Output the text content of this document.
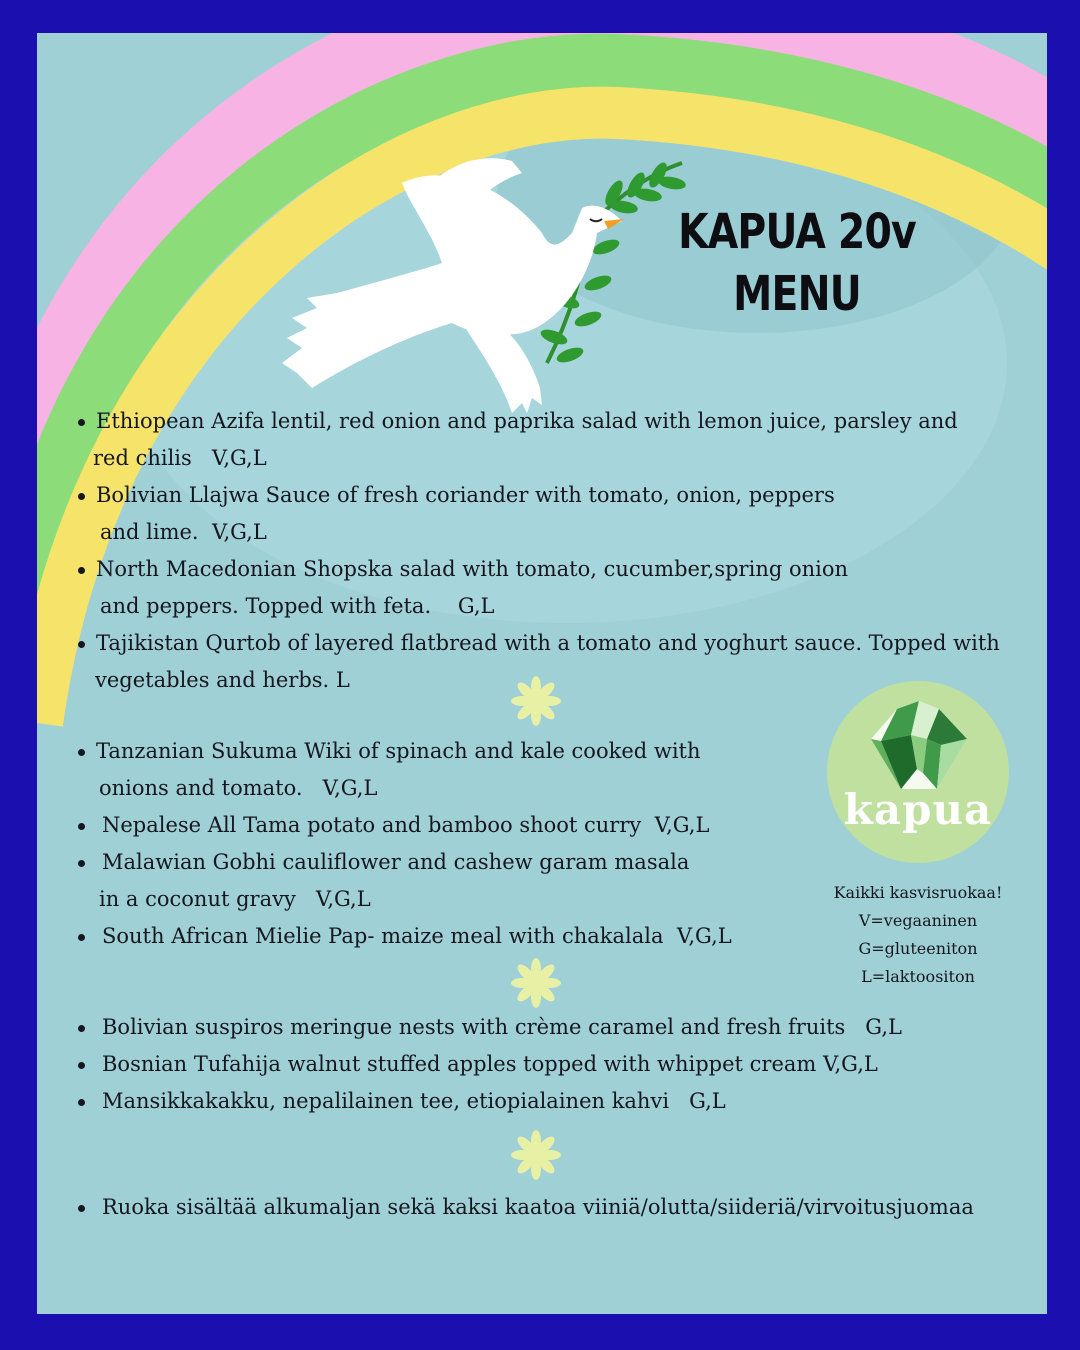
KAPUA 20v
MENU

Ethiopean Azifa lentil, red onion and paprika salad with lemon juice, parsley and

red chilis   V,G,L

Bolivian Llajwa Sauce of fresh coriander with tomato, onion, peppers

and lime.  V,G,L

North Macedonian Shopska salad with tomato, cucumber,spring onion

and peppers. Topped with feta.    G,L

Tajikistan Qurtob of layered flatbread with a tomato and yoghurt sauce. Topped with

vegetables and herbs. L

Tanzanian Sukuma Wiki of spinach and kale cooked with

onions and tomato.   V,G,L

Nepalese All Tama potato and bamboo shoot curry  V,G,L

Malawian Gobhi cauliflower and cashew garam masala

in a coconut gravy   V,G,L

South African Mielie Pap- maize meal with chakalala  V,G,L

kapua
Kaikki kasvisruokaa!
V=vegaaninen
G=gluteeniton
L=laktoositon

Bolivian suspiros meringue nests with crème caramel and fresh fruits   G,L

Bosnian Tufahija walnut stuffed apples topped with whippet cream V,G,L

Mansikkakakku, nepalilainen tee, etiopialainen kahvi   G,L

Ruoka sisältää alkumaljan sekä kaksi kaatoa viiniä/olutta/siideriä/virvoitusjuomaa
